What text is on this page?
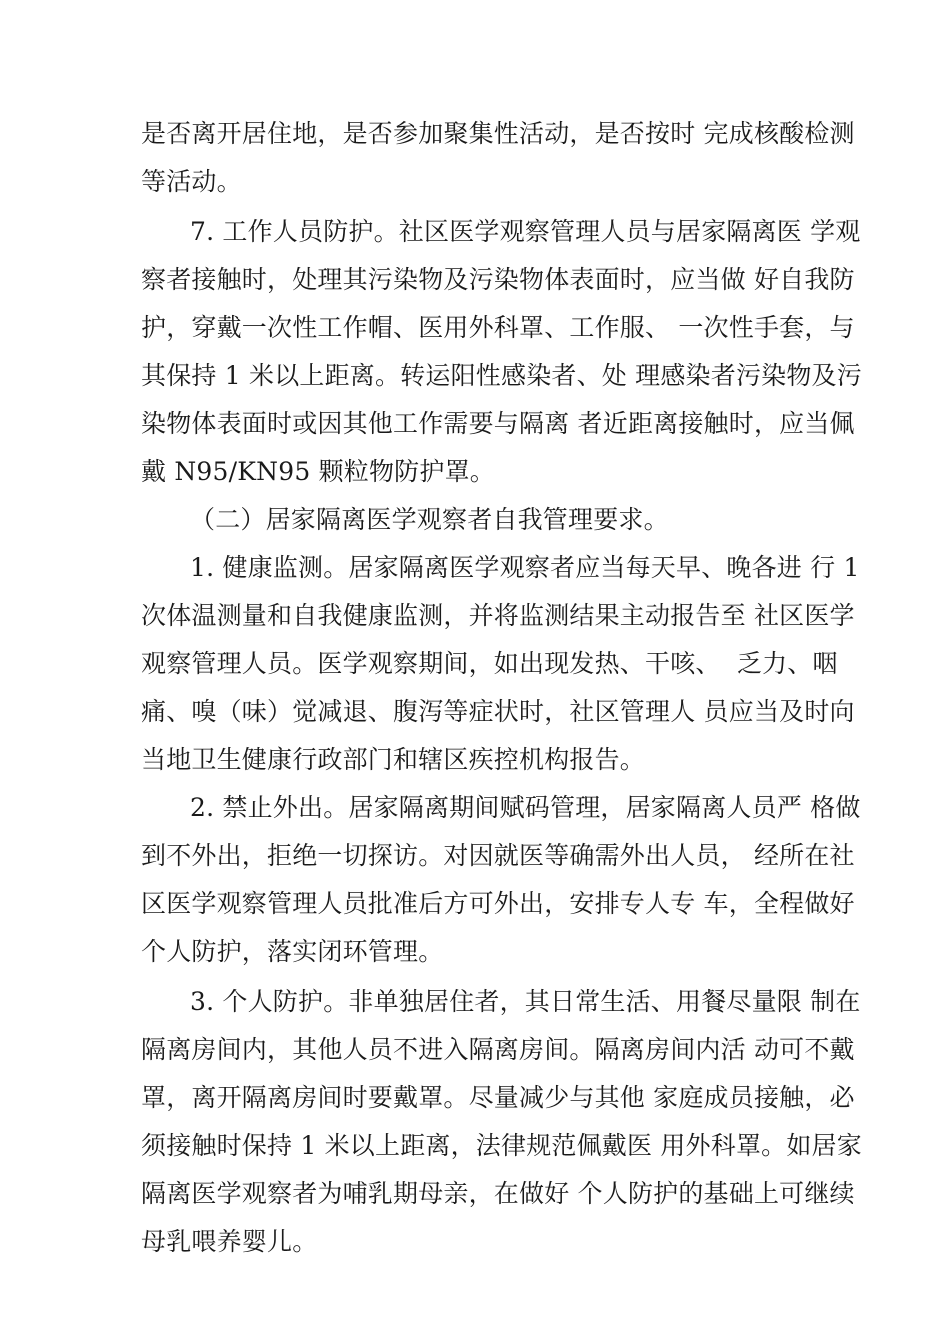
是否离开居住地，是否参加聚集性活动，是否按时 完成核酸检测
等活动。
7. 工作人员防护。社区医学观察管理人员与居家隔离医 学观
察者接触时，处理其污染物及污染物体表面时，应当做 好自我防
护，穿戴一次性工作帽、医用外科罩、工作服、 一次性手套，与
其保持 1 米以上距离。转运阳性感染者、处 理感染者污染物及污
染物体表面时或因其他工作需要与隔离 者近距离接触时，应当佩
戴 N95/KN95 颗粒物防护罩。
（二）居家隔离医学观察者自我管理要求。
1. 健康监测。居家隔离医学观察者应当每天早、晚各进 行 1
次体温测量和自我健康监测，并将监测结果主动报告至 社区医学
观察管理人员。医学观察期间，如出现发热、干咳、  乏力、咽
痛、嗅（味）觉减退、腹泻等症状时，社区管理人 员应当及时向
当地卫生健康行政部门和辖区疾控机构报告。
2. 禁止外出。居家隔离期间赋码管理，居家隔离人员严 格做
到不外出，拒绝一切探访。对因就医等确需外出人员， 经所在社
区医学观察管理人员批准后方可外出，安排专人专 车，全程做好
个人防护，落实闭环管理。
3. 个人防护。非单独居住者，其日常生活、用餐尽量限 制在
隔离房间内，其他人员不进入隔离房间。隔离房间内活 动可不戴
罩，离开隔离房间时要戴罩。尽量减少与其他 家庭成员接触，必
须接触时保持 1 米以上距离，法律规范佩戴医 用外科罩。如居家
隔离医学观察者为哺乳期母亲，在做好 个人防护的基础上可继续
母乳喂养婴儿。
